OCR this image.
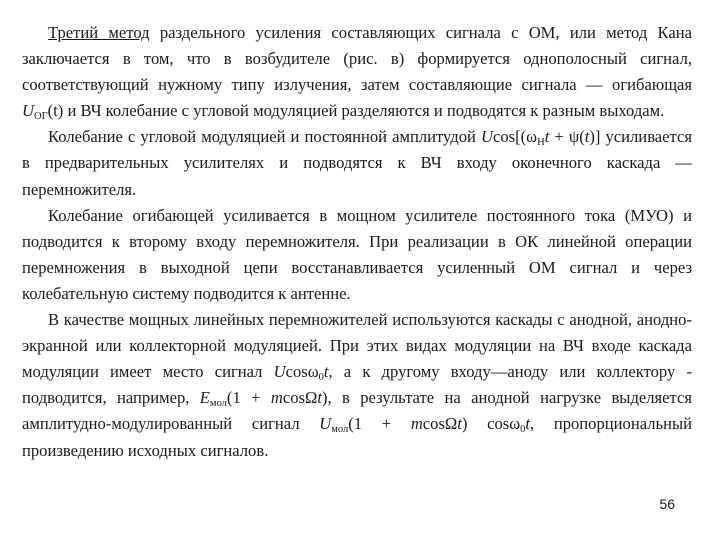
Третий метод раздельного усиления составляющих сигнала с ОМ, или метод Кана заключается в том, что в возбудителе (рис. в) формируется однополосный сигнал, соответствующий нужному типу излучения, затем составляющие сигнала — огибающая $U_{ОГ}(t)$ и ВЧ колебание с угловой модуляцией разделяются и подводятся к разным выходам.

Колебание с угловой модуляцией и постоянной амплитудой $Ucos[(\omega_Нt + \psi(t)]$ усиливается в предварительных усилителях и подводятся к ВЧ входу оконечного каскада — перемножителя.

Колебание огибающей усиливается в мощном усилителе постоянного тока (МУО) и подводится к второму входу перемножителя. При реализации в ОК линейной операции перемножения в выходной цепи восстанавливается усиленный ОМ сигнал и через колебательную систему подводится к антенне.

В качестве мощных линейных перемножителей используются каскады с анодной, анодно-экранной или коллекторной модуляцией. При этих видах модуляции на ВЧ входе каскада модуляции имеет место сигнал Ucosω$_0$t, а к другому входу—аноду или коллектору - подводится, например, $E_{мол}(1 + mcos\Omega t)$, в результате на анодной нагрузке выделяется амплитудно-модулированный сигнал $U_{мол}(1 + mcos\Omega t)$ cosω$_0$t, пропорциональный произведению исходных сигналов.

56
